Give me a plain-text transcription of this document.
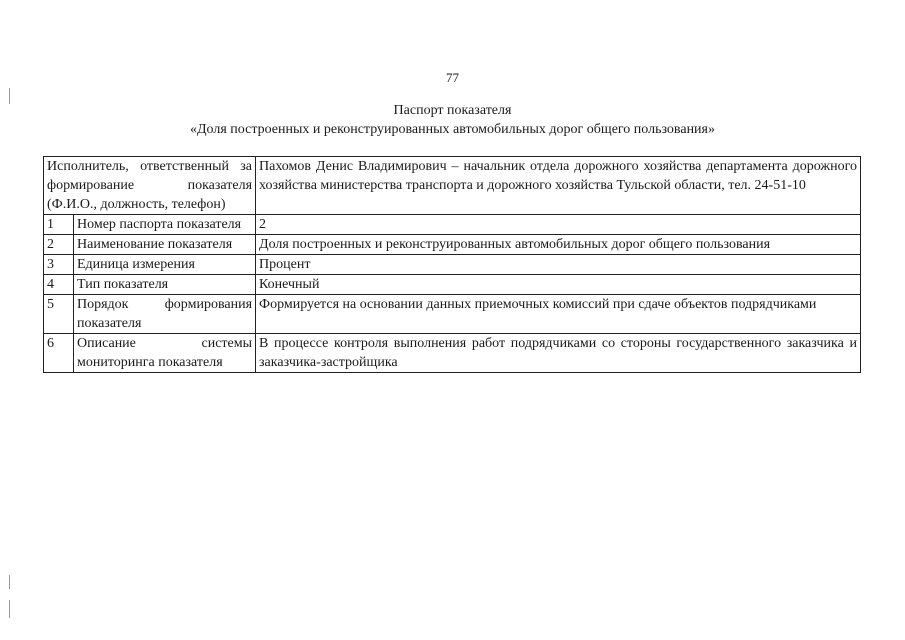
77
Паспорт показателя
«Доля построенных и реконструированных автомобильных дорог общего пользования»
Исполнитель, ответственный за формирование показателя (Ф.И.О., должность, телефон)		Пахомов Денис Владимирович – начальник отдела дорожного хозяйства департамента дорожного хозяйства министерства транспорта и дорожного хозяйства Тульской области, тел. 24-51-10
1	Номер паспорта показателя	2
2	Наименование показателя	Доля построенных и реконструированных автомобильных дорог общего пользования
3	Единица измерения	Процент
4	Тип показателя	Конечный
5	Порядок формирования показателя	Формируется на основании данных приемочных комиссий при сдаче объектов подрядчиками
6	Описание системы мониторинга показателя	В процессе контроля выполнения работ подрядчиками со стороны государственного заказчика и заказчика-застройщика
